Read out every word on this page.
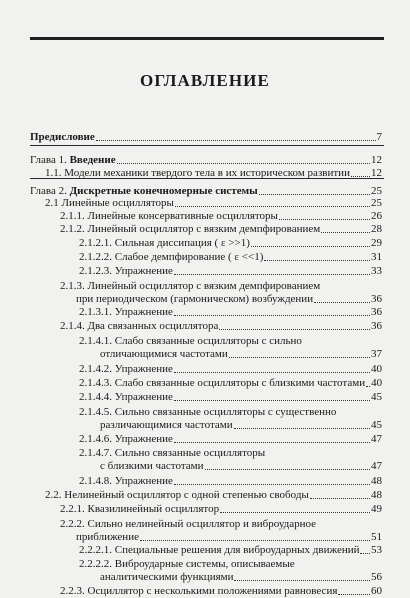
ОГЛАВЛЕНИЕ
Предисловие	7
Глава 1. Введение	12
1.1. Модели механики твердого тела в их историческом развитии 12
Глава 2. Дискретные конечномерные системы	25
2.1 Линейные осцилляторы	25
2.1.1. Линейные консервативные осцилляторы	26
2.1.2. Линейный осциллятор с вязким демпфированием	28
2.1.2.1. Сильная диссипация ( ε >>1)	29
2.1.2.2. Слабое демпфирование ( ε <<1)	31
2.1.2.3. Упражнение	33
2.1.3. Линейный осциллятор с вязким демпфированием
при периодическом (гармоническом) возбуждении	36
2.1.3.1. Упражнение	36
2.1.4. Два связанных осциллятора	36
2.1.4.1. Слабо связанные осцилляторы с сильно
отличающимися частотами	37
2.1.4.2. Упражнение	40
2.1.4.3. Слабо связанные осцилляторы с близкими частотами 40
2.1.4.4. Упражнение	45
2.1.4.5. Сильно связанные осцилляторы с существенно
различающимися частотами	45
2.1.4.6. Упражнение	47
2.1.4.7. Сильно связанные осцилляторы
с близкими частотами	47
2.1.4.8. Упражнение	48
2.2. Нелинейный осциллятор с одной степенью свободы	48
2.2.1. Квазилинейный осциллятор	49
2.2.2. Сильно нелинейный осциллятор и виброударное
приближение	51
2.2.2.1. Специальные решения для виброударных движений 53
2.2.2.2. Виброударные системы, описываемые
аналитическими функциями	56
2.2.3. Осциллятор с несколькими положениями равновесия	60
